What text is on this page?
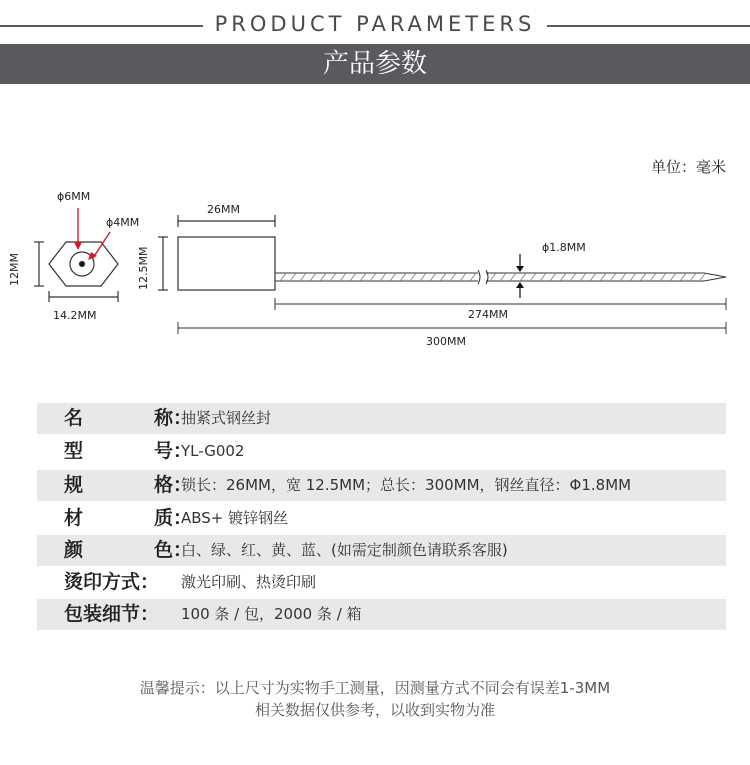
PRODUCT PARAMETERS
产品参数
单位：毫米
ϕ6MM
ϕ4MM
12MM
14.2MM
26MM
12.5MM	ϕ1.8MM
274MM
300MM
名	称：
抽紧式钢丝封
型	号：
YL-G002
规	格：
锁长：26MM，宽 12.5MM；总长：300MM，钢丝直径：Φ1.8MM
材	质：
ABS+ 镀锌钢丝
颜	色：
白、绿、红、黄、蓝、(如需定制颜色请联系客服)
烫印方式： 激光印刷、热烫印刷
包装细节： 100 条 / 包，2000 条 / 箱
温馨提示：以上尺寸为实物手工测量，因测量方式不同会有误差1-3MM
相关数据仅供参考，以收到实物为准
